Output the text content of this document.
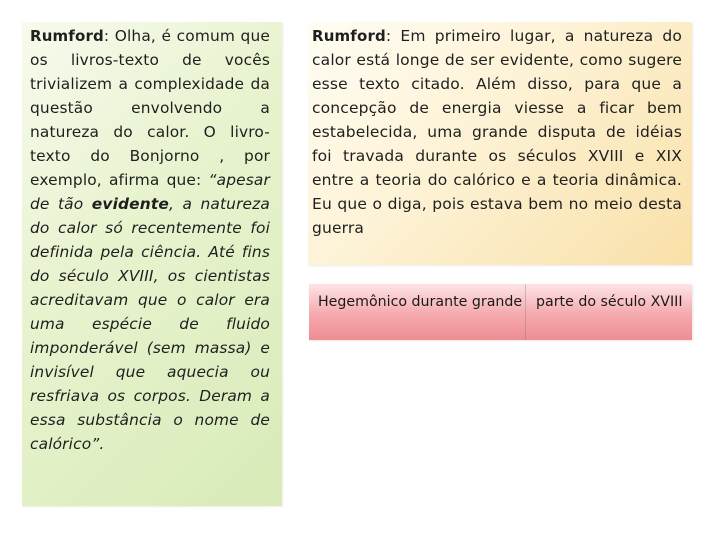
Rumford: Olha, é comum que os livros-texto de vocês trivializem a complexidade da questão envolvendo a natureza do calor. O livro-texto do Bonjorno , por exemplo, afirma que: “apesar de tão evidente, a natureza do calor só recentemente foi definida pela ciência. Até fins do século XVIII, os cientistas acreditavam que o calor era uma espécie de fluido imponderável (sem massa) e invisível que aquecia ou resfriava os corpos. Deram a essa substância o nome de calórico”.

Rumford: Em primeiro lugar, a natureza do calor está longe de ser evidente, como sugere esse texto citado. Além disso, para que a concepção de energia viesse a ficar bem estabelecida, uma grande disputa de idéias foi travada durante os séculos XVIII e XIX entre a teoria do calórico e a teoria dinâmica. Eu que o diga, pois estava bem no meio desta guerra

Hegemônico durante grande parte do século XVIII
